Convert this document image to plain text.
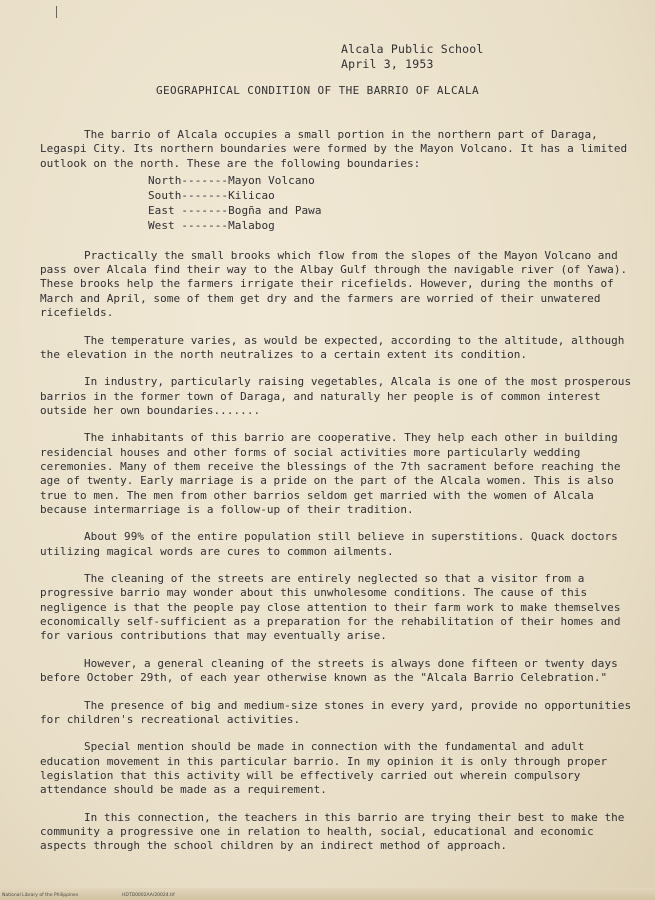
Alcala Public School
April 3, 1953
GEOGRAPHICAL CONDITION OF THE BARRIO OF ALCALA

The barrio of Alcala occupies a small portion in the northern part of Daraga, Legaspi City. Its northern boundaries were formed by the Mayon Volcano. It has a limited outlook on the north. These are the following boundaries:

North-------Mayon Volcano
South-------Kilicao
East -------Bogña and Pawa
West -------Malabog

Practically the small brooks which flow from the slopes of the Mayon Volcano and pass over Alcala find their way to the Albay Gulf through the navigable river (of Yawa). These brooks help the farmers irrigate their ricefields. However, during the months of March and April, some of them get dry and the farmers are worried of their unwatered ricefields.

The temperature varies, as would be expected, according to the altitude, although the elevation in the north neutralizes to a certain extent its condition.

In industry, particularly raising vegetables, Alcala is one of the most prosperous barrios in the former town of Daraga, and naturally her people is of common interest outside her own boundaries.......

The inhabitants of this barrio are cooperative. They help each other in building residencial houses and other forms of social activities more particularly wedding ceremonies. Many of them receive the blessings of the 7th sacrament before reaching the age of twenty. Early marriage is a pride on the part of the Alcala women. This is also true to men. The men from other barrios seldom get married with the women of Alcala because intermarriage is a follow-up of their tradition.

About 99% of the entire population still believe in superstitions. Quack doctors utilizing magical words are cures to common ailments.

The cleaning of the streets are entirely neglected so that a visitor from a progressive barrio may wonder about this unwholesome conditions. The cause of this negligence is that the people pay close attention to their farm work to make themselves economically self-sufficient as a preparation for the rehabilitation of their homes and for various contributions that may eventually arise.

However, a general cleaning of the streets is always done fifteen or twenty days before October 29th, of each year otherwise known as the "Alcala Barrio Celebration."

The presence of big and medium-size stones in every yard, provide no opportunities for children's recreational activities.

Special mention should be made in connection with the fundamental and adult education movement in this particular barrio. In my opinion it is only through proper legislation that this activity will be effectively carried out wherein compulsory attendance should be made as a requirement.

In this connection, the teachers in this barrio are trying their best to make the community a progressive one in relation to health, social, educational and economic aspects through the school children by an indirect method of approach.

National Library of the Philippines	HDTD0002AA/20024.tif
